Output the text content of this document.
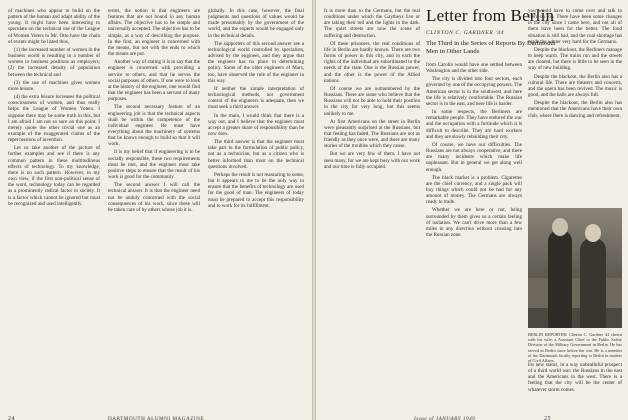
of machines who appear to build on the pattern of the human and adapt ability of the young. It might have been interesting to speculate on the technical use of the League of Women Voters to Mr. Otto have the chain of events might be listed thus,

(1) the increased number of women in the business world is resulting in a number of women in business positions as employers; (2) the increased density of population between the technical and

(3) the use of machines gives women more leisure.

(4) the extra leisure increases the political consciousness of women, and thus really helps the League of Women Voters. I suppose there may be some truth in this, but I am afraid I am not so sure on this point. I merely quote the other trivial one as an example of the exaggerated claims of the repercussions of invention.

Let us take another of the picture of further examples and see if there is any common pattern in these multitudinous effects of technology. To my knowledge, there is no such pattern. However, in my own view, if the first non-political sense of the word, technology today can be regarded as a prominently radical factor in society. It is a factor which cannot be ignored but must be recognized and used intelligently.

terms, the notion is that engineers are features that are not bound in any human affairs. The objective has to be simple and universally accepted. The objective has to be simple, as a way of describing the purpose. In the first, an engineer is concerned with the means, but not with the ends to which the means are put.

Another way of stating it is to say that the engineer is concerned with providing a service to others, and that he serves the social purposes of others. If one were to look at the history of the engineer, one would find that the engineer has been a servant of many purposes.

The second necessary feature of an engineering job is that the technical aspects shall be within the competence of the individual engineer. He must have everything about the machinery of systems that he knows enough to build so that it will work.

It is my belief that if engineering is to be socially responsible, these two requirements must be met, and the engineer must take positive steps to ensure that the result of his work is good for the community.

The second answer I will call the technical answer. It is that the engineer need not be unduly concerned with the social consequences of his work, since these will be taken care of by others whose job it is.

globally. In this case, however, the final judgments and questions of values would be made presumably by the government of the world, and the experts would be engaged only in the technical details.

The supporters of this second answer see a technological world controlled by specialists, advised by the engineer, and they argue that the engineer has no place in determining policy. Some of the older engineers of Mars, too, have observed the role of the engineer in this way.

If neither the simple interpretation of technological methods, nor government control of the engineers is adequate, then we must seek a third answer.

In the main, I would think that there is a way out, and I believe that the engineer must accept a greater share of responsibility than he now does.

The third answer is that the engineer must take part in the formulation of public policy, not as a technician, but as a citizen who is better informed than most on the technical questions involved.

Perhaps the result is not reassuring to some, but it appears to me to be the only way to ensure that the benefits of technology are used for the good of man. The engineers of today must be prepared to accept this responsibility and to work for its fulfillment.

24	DARTMOUTH ALUMNI MAGAZINE

It is more than to the Germans, but the real conditions under which the Gaytheys live or are taking their toll and the lights in the dark. The quiet streets are now the scene of suffering and destruction.

Of these prisoners, the real conditions of life in Berlin are hardly known. There are two forms of power in this city, and in each the rights of the individual are subordinated to the needs of the state. One is the Russian power, and the other is the power of the Allied nations.

Of course we are outnumbered by the Russians. There are some who believe that the Russians will not be able to hold their position in the city for very long, but this seems unlikely to me.

At first Americans on the street in Berlin were pleasantly surprised at the Russians, but that feeling has faded. The Russians are not as friendly as they once were, and there are many stories of the troubles which they cause.

But we are very few of them. I have not seen many, for we are kept busy with our work and our time is fully occupied.

Letter from Berlin
CLINTON C. GARDNER '44
The Third in the Series of Reports By Dartmouth Men in Other Lands

from Carolin would have one settled between Washington and the other side.

The city is divided into four sectors, each governed by one of the occupying powers. The American sector is in the southwest, and here the life is relatively comfortable. The Russian sector is in the east, and here life is harder.

In some respects, the Berliners are remarkable people. They have endured the war and the occupation with a fortitude which it is difficult to describe. They are hard workers and they are slowly rebuilding their city.

Of course, we have our difficulties. The Russians are not always cooperative, and there are many incidents which make life unpleasant. But in general we get along well enough.

The black market is a problem. Cigarettes are the chief currency, and a single pack will buy things which could not be had for any amount of money. The Germans are always ready to trade.

Whether we are here or not, being surrounded by them gives us a certain feeling of isolation. We can't drive more than a few miles in any direction without crossing into the Russian zone.

you would have to come over and talk to them on top. There have been some changes in the city since I came here, and not all of them have been for the better. The food situation is still bad, and the coal shortage has made the winter very hard for the Germans.

Despite the blackout, the Berliners manage to keep warm. The trains run and the streets are cleared, but there is little to be seen in the way of new building.

Despite the blackout, the Berlin also has a cultural life. There are theaters and concerts, and the opera has been revived. The music is good, and the halls are always full.

Despite the blackout, the Berlin also has mentioned that the Americans have their own club, where there is dancing and refreshment.

BERLIN REPORTER: Clinton C. Gardner 44 shown with his wife, a Assistant Chief to the Public Safety Division of the Military Government in Berlin. He has served in Berlin since before the war. He is a member of the Dartmouth faculty reporting to Berlin in matters of Civil Affairs.

his new status, in a way unhealthful prospect of a third world war: the Russians in the east and the Americans in the west. There is a feeling that the city will be the center of whatever storm comes.

Issue of JANUARY 1949	25
